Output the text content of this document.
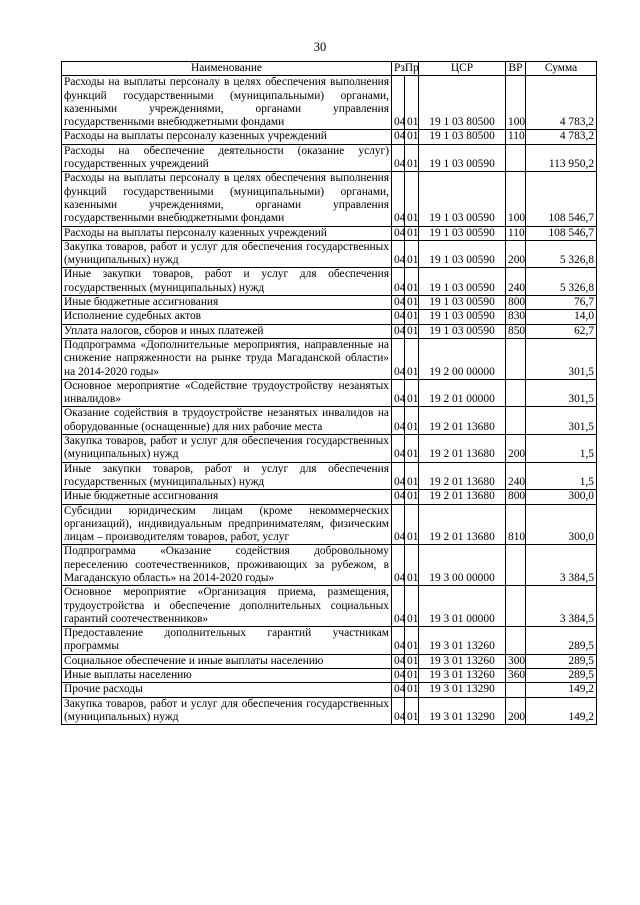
30
Наименование	РзПр		ЦСР	ВР	Сумма
Расходы на выплаты персоналу в целях обеспечения выполнения функций государственными (муниципальными) органами, казенными учреждениями, органами управления государственными внебюджетными фондами	04	01	19 1 03 80500	100	4 783,2
Расходы на выплаты персоналу казенных учреждений	04	01	19 1 03 80500	110	4 783,2
Расходы на обеспечение деятельности (оказание услуг) государственных учреждений	04	01	19 1 03 00590		113 950,2
Расходы на выплаты персоналу в целях обеспечения выполнения функций государственными (муниципальными) органами, казенными учреждениями, органами управления государственными внебюджетными фондами	04	01	19 1 03 00590	100	108 546,7
Расходы на выплаты персоналу казенных учреждений	04	01	19 1 03 00590	110	108 546,7
Закупка товаров, работ и услуг для обеспечения государственных (муниципальных) нужд	04	01	19 1 03 00590	200	5 326,8
Иные закупки товаров, работ и услуг для обеспечения государственных (муниципальных) нужд	04	01	19 1 03 00590	240	5 326,8
Иные бюджетные ассигнования	04	01	19 1 03 00590	800	76,7
Исполнение судебных актов	04	01	19 1 03 00590	830	14,0
Уплата налогов, сборов и иных платежей	04	01	19 1 03 00590	850	62,7
Подпрограмма «Дополнительные мероприятия, направленные на снижение напряженности на рынке труда Магаданской области» на 2014-2020 годы»	04	01	19 2 00 00000		301,5
Основное мероприятие «Содействие трудоустройству незанятых инвалидов»	04	01	19 2 01 00000		301,5
Оказание содействия в трудоустройстве незанятых инвалидов на оборудованные (оснащенные) для них рабочие места	04	01	19 2 01 13680		301,5
Закупка товаров, работ и услуг для обеспечения государственных (муниципальных) нужд	04	01	19 2 01 13680	200	1,5
Иные закупки товаров, работ и услуг для обеспечения государственных (муниципальных) нужд	04	01	19 2 01 13680	240	1,5
Иные бюджетные ассигнования	04	01	19 2 01 13680	800	300,0
Субсидии юридическим лицам (кроме некоммерческих организаций), индивидуальным предпринимателям, физическим лицам – производителям товаров, работ, услуг	04	01	19 2 01 13680	810	300,0
Подпрограмма «Оказание содействия добровольному переселению соотечественников, проживающих за рубежом, в Магаданскую область» на 2014-2020 годы»	04	01	19 3 00 00000		3 384,5
Основное мероприятие «Организация приема, размещения, трудоустройства и обеспечение дополнительных социальных гарантий соотечественников»	04	01	19 3 01 00000		3 384,5
Предоставление дополнительных гарантий участникам программы	04	01	19 3 01 13260		289,5
Социальное обеспечение и иные выплаты населению	04	01	19 3 01 13260	300	289,5
Иные выплаты населению	04	01	19 3 01 13260	360	289,5
Прочие расходы	04	01	19 3 01 13290		149,2
Закупка товаров, работ и услуг для обеспечения государственных (муниципальных) нужд	04	01	19 3 01 13290	200	149,2
